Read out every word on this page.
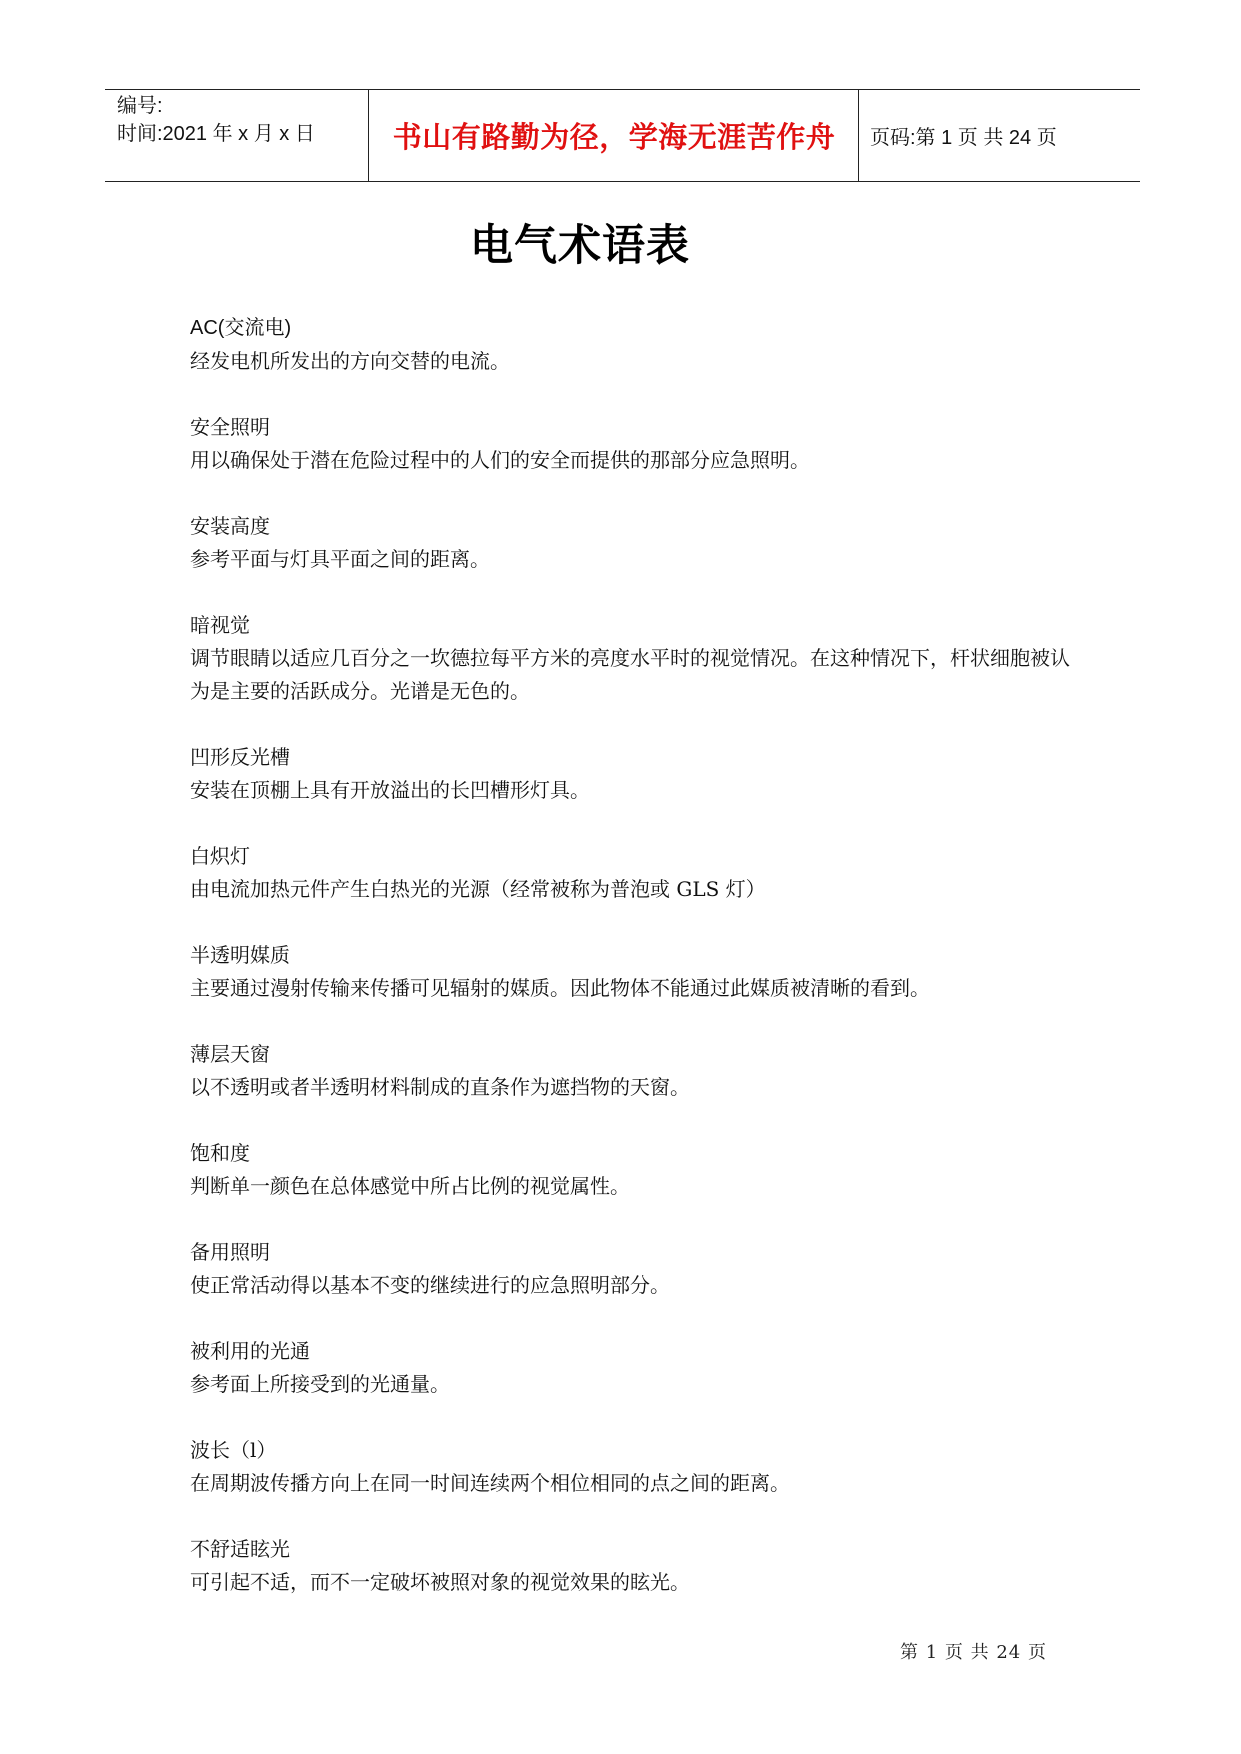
编号:
时间:2021 年 x 月 x 日	书山有路勤为径，学海无涯苦作舟	页码:第 1 页 共 24 页
电气术语表
AC(交流电)
经发电机所发出的方向交替的电流。
安全照明
用以确保处于潜在危险过程中的人们的安全而提供的那部分应急照明。
安装高度
参考平面与灯具平面之间的距离。
暗视觉
调节眼睛以适应几百分之一坎德拉每平方米的亮度水平时的视觉情况。在这种情况下，杆状细胞被认为是主要的活跃成分。光谱是无色的。
凹形反光槽
安装在顶棚上具有开放溢出的长凹槽形灯具。
白炽灯
由电流加热元件产生白热光的光源（经常被称为普泡或 GLS 灯）
半透明媒质
主要通过漫射传输来传播可见辐射的媒质。因此物体不能通过此媒质被清晰的看到。
薄层天窗
以不透明或者半透明材料制成的直条作为遮挡物的天窗。
饱和度
判断单一颜色在总体感觉中所占比例的视觉属性。
备用照明
使正常活动得以基本不变的继续进行的应急照明部分。
被利用的光通
参考面上所接受到的光通量。
波长（l）
在周期波传播方向上在同一时间连续两个相位相同的点之间的距离。
不舒适眩光
可引起不适，而不一定破坏被照对象的视觉效果的眩光。
第 1 页 共 24 页
